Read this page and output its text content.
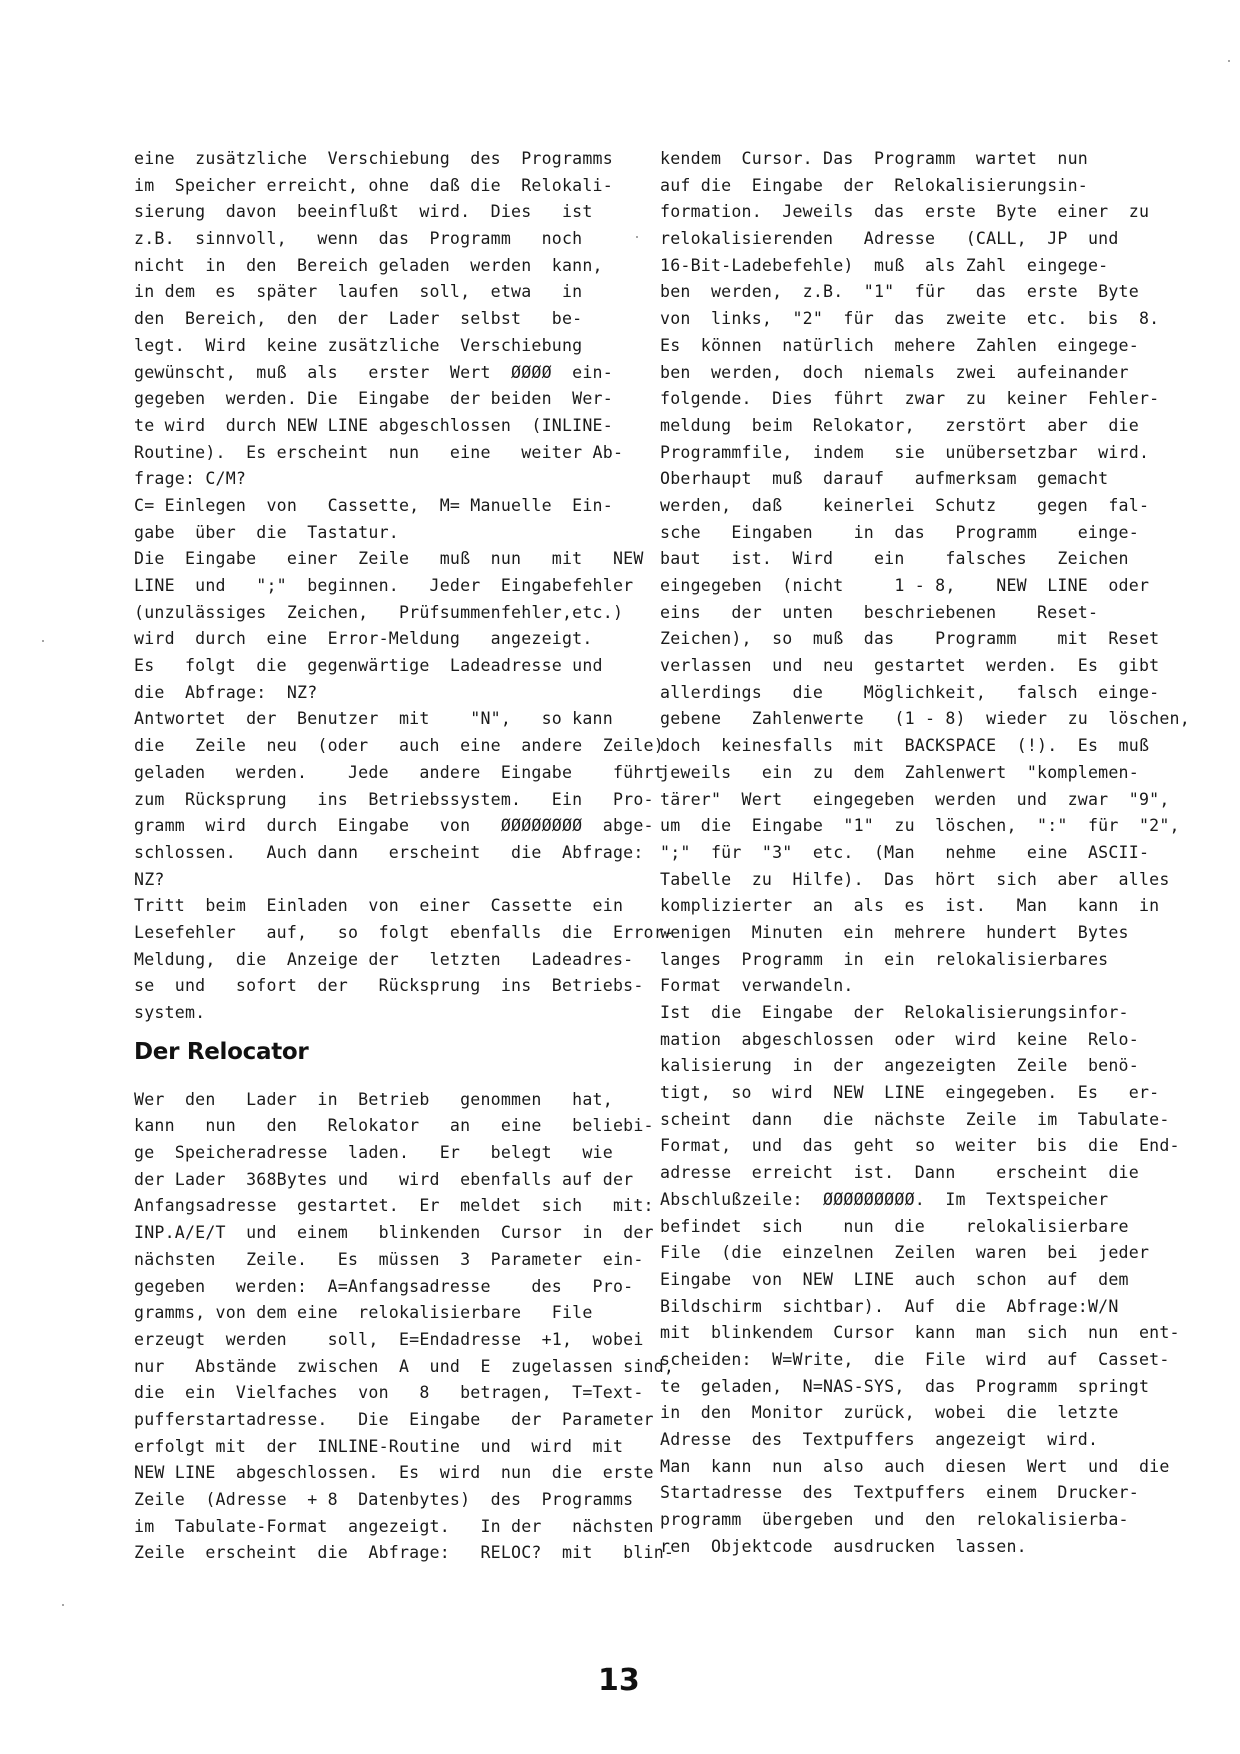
eine  zusätzliche  Verschiebung  des  Programms
im  Speicher erreicht, ohne  daß die  Relokali-
sierung  davon  beeinflußt  wird.  Dies   ist
z.B.  sinnvoll,   wenn  das  Programm   noch
nicht  in  den  Bereich geladen  werden  kann,
in dem  es  später  laufen  soll,  etwa   in
den  Bereich,  den  der  Lader  selbst   be-
legt.  Wird  keine zusätzliche  Verschiebung
gewünscht,  muß  als   erster  Wert  ØØØØ  ein-
gegeben  werden. Die  Eingabe  der beiden  Wer-
te wird  durch NEW LINE abgeschlossen  (INLINE-
Routine).  Es erscheint  nun   eine   weiter Ab-
frage: C/M?
C= Einlegen  von   Cassette,  M= Manuelle  Ein-
gabe  über  die  Tastatur.
Die  Eingabe   einer  Zeile   muß  nun   mit   NEW
LINE  und   ";"  beginnen.   Jeder  Eingabefehler
(unzulässiges  Zeichen,   Prüfsummenfehler,etc.)
wird  durch  eine  Error-Meldung   angezeigt.
Es   folgt  die  gegenwärtige  Ladeadresse und
die  Abfrage:  NZ?
Antwortet  der  Benutzer  mit    "N",   so kann
die   Zeile  neu  (oder   auch  eine  andere  Zeile)
geladen   werden.    Jede   andere  Eingabe    führt
zum  Rücksprung   ins  Betriebssystem.   Ein   Pro-
gramm  wird  durch  Eingabe   von   ØØØØØØØØ  abge-
schlossen.   Auch dann   erscheint   die  Abfrage:
NZ?
Tritt  beim  Einladen  von  einer  Cassette  ein
Lesefehler   auf,   so  folgt  ebenfalls  die  Error-
Meldung,  die  Anzeige der   letzten   Ladeadres-
se  und   sofort  der   Rücksprung  ins  Betriebs-
system.
Der Relocator
Wer  den   Lader  in  Betrieb   genommen   hat,
kann   nun   den   Relokator   an   eine   beliebi-
ge  Speicheradresse  laden.   Er   belegt   wie
der Lader  368Bytes und   wird  ebenfalls auf der
Anfangsadresse  gestartet.  Er  meldet  sich   mit:
INP.A/E/T  und  einem   blinkenden  Cursor  in  der
nächsten   Zeile.   Es  müssen  3  Parameter  ein-
gegeben   werden:  A=Anfangsadresse    des   Pro-
gramms, von dem eine  relokalisierbare   File
erzeugt  werden    soll,  E=Endadresse  +1,  wobei
nur   Abstände  zwischen  A  und  E  zugelassen sind,
die  ein  Vielfaches  von   8   betragen,  T=Text-
pufferstartadresse.   Die  Eingabe   der  Parameter
erfolgt mit  der  INLINE-Routine  und  wird  mit
NEW LINE  abgeschlossen.  Es  wird  nun  die  erste
Zeile  (Adresse  + 8  Datenbytes)  des  Programms
im  Tabulate-Format  angezeigt.   In der   nächsten
Zeile  erscheint  die  Abfrage:   RELOC?  mit   blin-
kendem  Cursor. Das  Programm  wartet  nun
auf die  Eingabe  der  Relokalisierungsin-
formation.  Jeweils  das  erste  Byte  einer  zu
relokalisierenden   Adresse   (CALL,  JP  und
16-Bit-Ladebefehle)  muß  als Zahl  eingege-
ben  werden,  z.B.  "1"  für   das  erste  Byte
von  links,  "2"  für  das  zweite  etc.  bis  8.
Es  können  natürlich  mehere  Zahlen  eingege-
ben  werden,  doch  niemals  zwei  aufeinander
folgende.  Dies  führt  zwar  zu  keiner  Fehler-
meldung  beim  Relokator,   zerstört  aber  die
Programmfile,  indem   sie  unübersetzbar  wird.
Oberhaupt  muß  darauf   aufmerksam  gemacht
werden,  daß    keinerlei  Schutz    gegen  fal-
sche   Eingaben    in  das   Programm    einge-
baut   ist.  Wird    ein    falsches   Zeichen
eingegeben  (nicht     1 - 8,    NEW  LINE  oder
eins   der  unten   beschriebenen    Reset-
Zeichen),  so  muß  das    Programm    mit  Reset
verlassen  und  neu  gestartet  werden.  Es  gibt
allerdings   die    Möglichkeit,   falsch  einge-
gebene   Zahlenwerte   (1 - 8)  wieder  zu  löschen,
doch  keinesfalls  mit  BACKSPACE  (!).  Es  muß
jeweils   ein  zu  dem  Zahlenwert  "komplemen-
tärer"  Wert   eingegeben  werden  und  zwar  "9",
um  die  Eingabe  "1"  zu  löschen,  ":"  für  "2",
";"  für  "3"  etc.  (Man   nehme   eine  ASCII-
Tabelle  zu  Hilfe).  Das  hört  sich  aber  alles
komplizierter  an  als  es  ist.   Man   kann  in
wenigen  Minuten  ein  mehrere  hundert  Bytes
langes  Programm  in  ein  relokalisierbares
Format  verwandeln.
Ist  die  Eingabe  der  Relokalisierungsinfor-
mation  abgeschlossen  oder  wird  keine  Relo-
kalisierung  in  der  angezeigten  Zeile  benö-
tigt,  so  wird  NEW  LINE  eingegeben.  Es   er-
scheint  dann   die  nächste  Zeile  im  Tabulate-
Format,  und  das  geht  so  weiter  bis  die  End-
adresse  erreicht  ist.  Dann    erscheint  die
Abschlußzeile:  ØØØØØØØØØ.  Im  Textspeicher
befindet  sich    nun  die    relokalisierbare
File  (die  einzelnen  Zeilen  waren  bei  jeder
Eingabe  von  NEW  LINE  auch  schon  auf  dem
Bildschirm  sichtbar).  Auf  die  Abfrage:W/N
mit  blinkendem  Cursor  kann  man  sich  nun  ent-
scheiden:  W=Write,  die  File  wird  auf  Casset-
te  geladen,  N=NAS-SYS,  das  Programm  springt
in  den  Monitor  zurück,  wobei  die  letzte
Adresse  des  Textpuffers  angezeigt  wird.
Man  kann  nun  also  auch  diesen  Wert  und  die
Startadresse  des  Textpuffers  einem  Drucker-
programm  übergeben  und  den  relokalisierba-
ren  Objektcode  ausdrucken  lassen.
13
